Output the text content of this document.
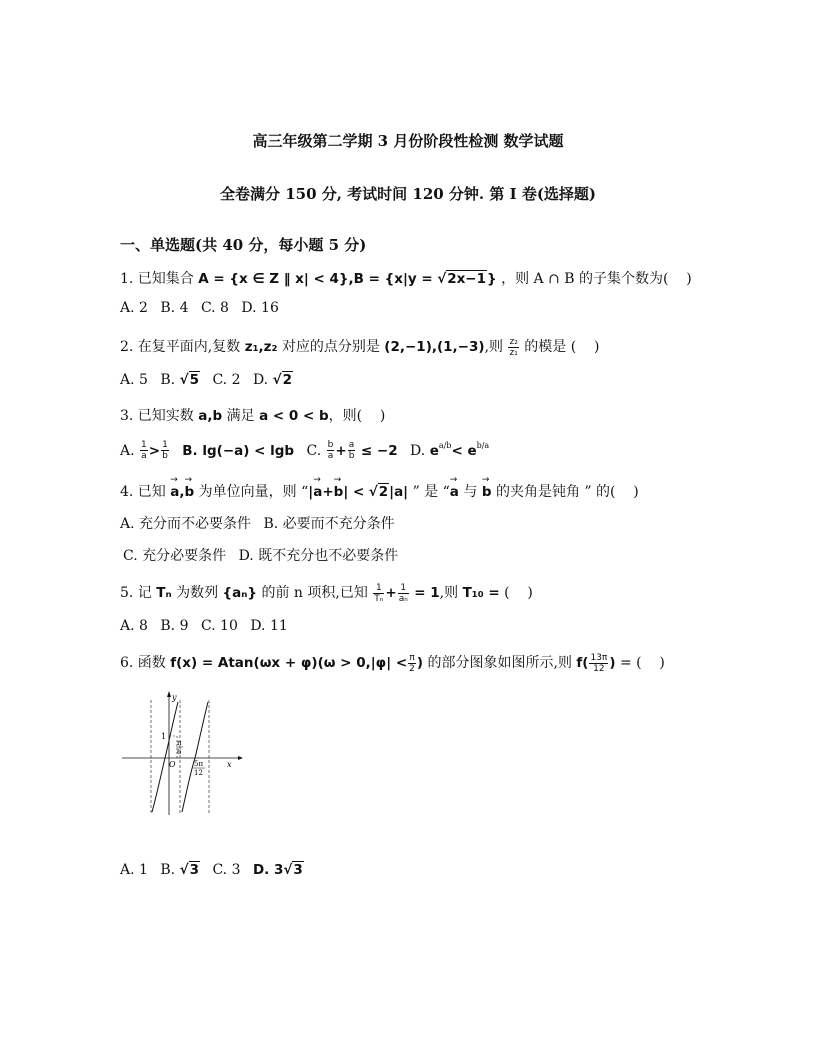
高三年级第二学期 3 月份阶段性检测 数学试题
全卷满分 150 分, 考试时间 120 分钟. 第 I 卷(选择题)
一、单选题(共 40 分，每小题 5 分)
1. 已知集合 A = {x ∈ Z ‖ x| < 4},B = {x|y = √2x−1} ，则 A ∩ B 的子集个数为(    )
A. 2 B. 4 C. 8 D. 16
2. 在复平面内,复数 z₁,z₂ 对应的点分别是 (2,−1),(1,−3),则 $\frac{\text{z₂}}{\text{z₁}}$ 的模是 (    )
A. 5 B. √5 C. 2 D. √2
3. 已知实数 a,b 满足 a < 0 < b，则(    )
A. $\frac{1}{a} > \frac{1}{b} B$. lg(−a) < lgb C. $\frac{b}{a} + \frac{a}{b} \le -2$ D. $e^{a/b}< e^{b/a}$
4. 已知 → a,→ b 为单位向量，则 “|→ a+→ b| < √2|a| ” 是 “→ a 与 → b 的夹角是钝角 ” 的(    )
A. 充分而不必要条件 B. 必要而不充分条件
C. 充分必要条件 D. 既不充分也不必要条件
5. 记 Tₙ 为数列 {aₙ} 的前 n 项积,已知 $\frac{1}{\text{Tₙ}} + \frac{1}{\text{aₙ}} = 1$,则 T₁₀ = (    )
A. 8 B. 9 C. 10 D. 11
6. 函数 $f(x) = Atan(\omega x + \varphi)(\omega > 0,|\varphi| < \frac{\pi}{2}$ ) 的部分图象如图所示,则 $f( \frac{13\pi}{12}$ ) = (    )
y
x
O
1
π
6
5π
12
A. 1 B. √3 C. 3 D. 3√3
